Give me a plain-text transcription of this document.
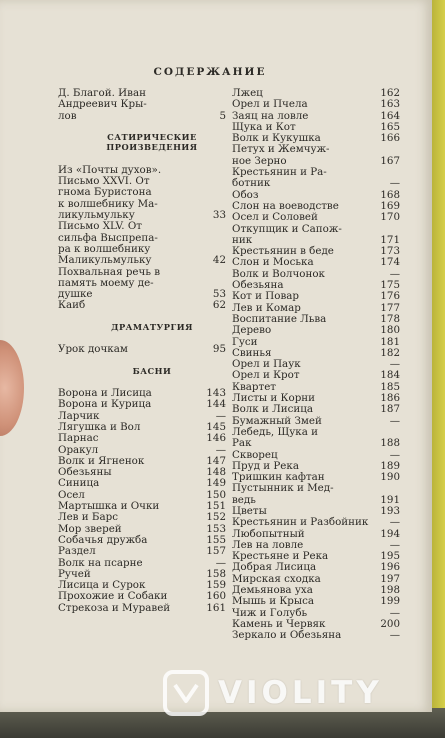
СОДЕРЖАНИЕ
Д. Благой. Иван
Андреевич Кры-
лов	5
САТИРИЧЕСКИЕ ПРОИЗВЕДЕНИЯ
Из «Почты духов».
Письмо XXVI. От
гнома Буристона
к волшебнику Ма-
ликульмульку	33
Письмо XLV. От
сильфа Выспрепа-
ра к волшебнику
Маликульмульку	42
Похвальная речь в
память моему де-
душке	53
Каиб	62
ДРАМАТУРГИЯ
Урок дочкам	95
БАСНИ
Ворона и Лисица	143
Ворона и Курица	144
Ларчик	—
Лягушка и Вол	145
Парнас	146
Оракул	—
Волк и Ягненок	147
Обезьяны	148
Синица	149
Осел	150
Мартышка и Очки	151
Лев и Барс	152
Мор зверей	153
Собачья дружба	155
Раздел	157
Волк на псарне	—
Ручей	158
Лисица и Сурок	159
Прохожие и Собаки	160
Стрекоза и Муравей	161
Лжец	162
Орел и Пчела	163
Заяц на ловле	164
Щука и Кот	165
Волк и Кукушка	166
Петух и Жемчуж-
ное Зерно	167
Крестьянин и Ра-
ботник	—
Обоз	168
Слон на воеводстве	169
Осел и Соловей	170
Откупщик и Сапож-
ник	171
Крестьянин в беде	173
Слон и Моська	174
Волк и Волчонок	—
Обезьяна	175
Кот и Повар	176
Лев и Комар	177
Воспитание Льва	178
Дерево	180
Гуси	181
Свинья	182
Орел и Паук	—
Орел и Крот	184
Квартет	185
Листы и Корни	186
Волк и Лисица	187
Бумажный Змей	—
Лебедь, Щука и
Рак	188
Скворец	—
Пруд и Река	189
Тришкин кафтан	190
Пустынник и Мед-
ведь	191
Цветы	193
Крестьянин и Разбойник	—
Любопытный	194
Лев на ловле	—
Крестьяне и Река	195
Добрая Лисица	196
Мирская сходка	197
Демьянова уха	198
Мышь и Крыса	199
Чиж и Голубь	—
Камень и Червяк	200
Зеркало и Обезьяна	—
VIOLITY
